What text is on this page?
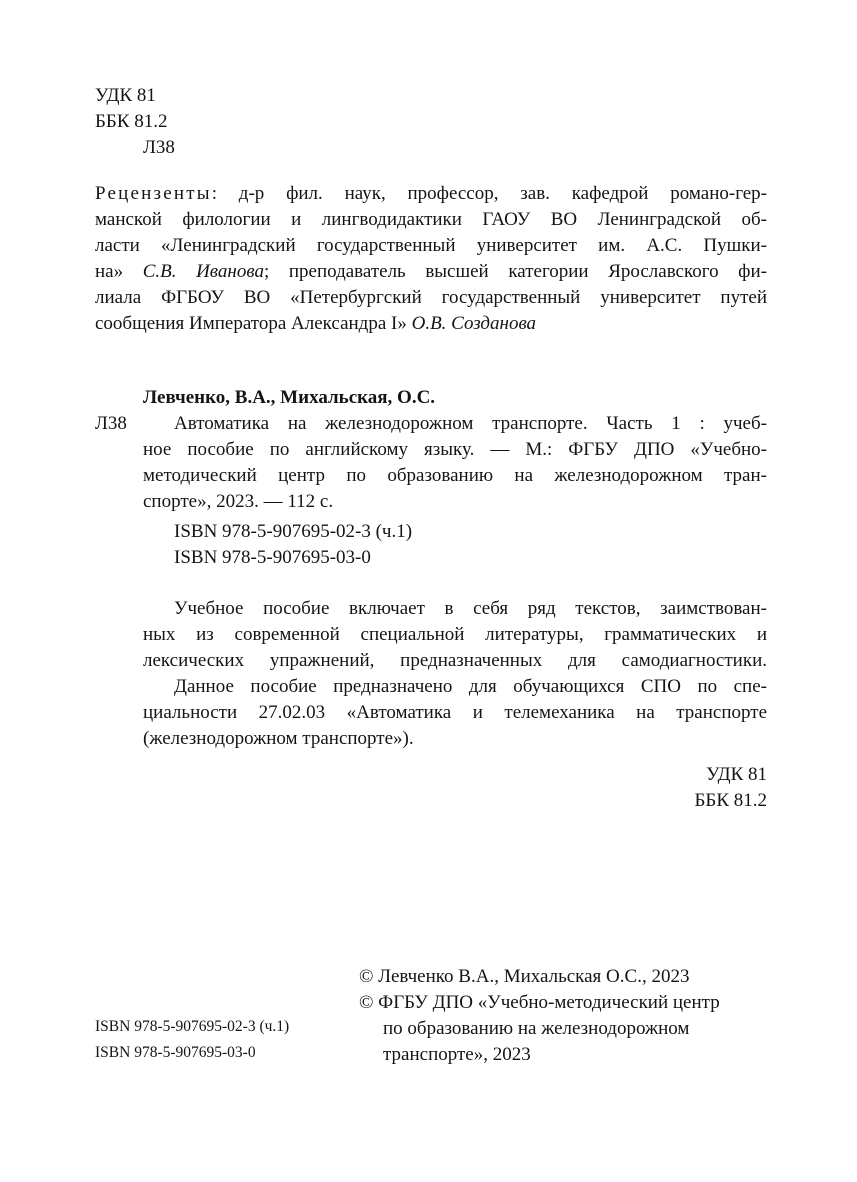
УДК 81
ББК 81.2
Л38
Рецензенты: д-р фил. наук, профессор, зав. кафедрой романо-гер-
манской филологии и лингводидактики ГАОУ ВО Ленинградской об-
ласти «Ленинградский государственный университет им. А.С. Пушки-
на» С.В. Иванова; преподаватель высшей категории Ярославского фи-
лиала ФГБОУ ВО «Петербургский государственный университет путей
сообщения Императора Александра I» О.В. Созданова
Левченко, В.А., Михальская, О.С.
Л38 Автоматика на железнодорожном транспорте. Часть 1 : учеб-
ное пособие по английскому языку. — М.: ФГБУ ДПО «Учебно-
методический центр по образованию на железнодорожном тран-
спорте», 2023. — 112 с.
ISBN 978-5-907695-02-3 (ч.1)
ISBN 978-5-907695-03-0
Учебное пособие включает в себя ряд текстов, заимствован-
ных из современной специальной литературы, грамматических и
лексических упражнений, предназначенных для самодиагностики.
Данное пособие предназначено для обучающихся СПО по спе-
циальности 27.02.03 «Автоматика и телемеханика на транспорте
(железнодорожном транспорте»).
УДК 81
ББК 81.2
ISBN 978-5-907695-02-3 (ч.1)
ISBN 978-5-907695-03-0
© Левченко В.А., Михальская О.С., 2023
© ФГБУ ДПО «Учебно-методический центр
по образованию на железнодорожном
транспорте», 2023
